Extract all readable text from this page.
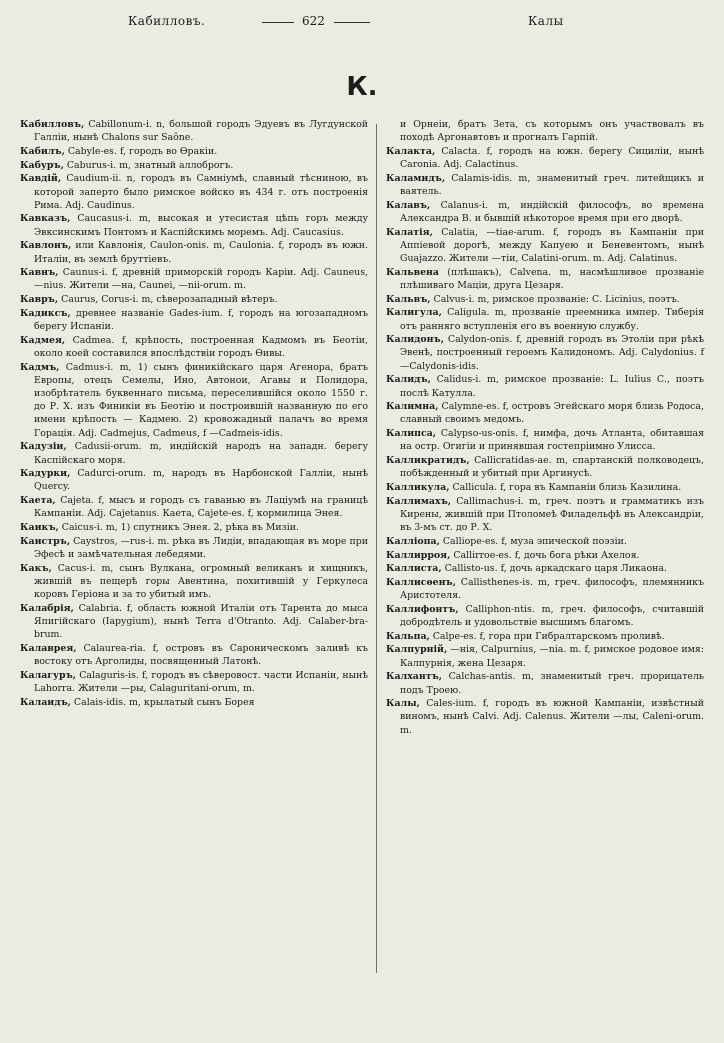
Кабилловъ.	622	Калы
К.

Кабилловъ, Cabillonum-i. n, большой городъ Эдуевъ въ Лугдунской Галліи, нынѣ Chalons sur Saône.

Кабилъ, Cabyle-es. f, городъ во Ѳракіи.

Кабуръ, Caburus-i. m, знатный аллоброгъ.

Кавдій, Caudium-ii. n, городъ въ Самніумѣ, славный тѣсниною, въ которой заперто было римское войско въ 434 г. отъ построенія Рима. Adj. Caudinus.

Кавказъ, Caucasus-i. m, высокая и утесистая цѣпь горъ между Эвксинскимъ Понтомъ и Каспійскимъ моремъ. Adj. Caucasius.

Кавлонъ, или Кавлонія, Caulon-onis. m, Caulonia. f, городъ въ южн. Италіи, въ землѣ бруттіевъ.

Кавнъ, Caunus-i. f, древній приморскій городъ Каріи. Adj. Cauneus, —nius. Жители —на, Caunei, —nii-orum. m.

Кавръ, Caurus, Corus-i. m, сѣверозападный вѣтеръ.

Кадиксъ, древнее названіе Gades-ium. f, городъ на югозападномъ берегу Испаніи.

Кадмея, Cadmea. f, крѣпость, построенная Кадмомъ въ Беотіи, около коей составился впослѣдствіи городъ Ѳивы.

Кадмъ, Cadmus-i. m, 1) сынъ финикійскаго царя Агенора, братъ Европы, отецъ Семелы, Ино, Автонои, Агавы и Полидора, изобрѣтатель буквеннаго письма, переселившійся около 1550 г. до Р. Х. изъ Финикіи въ Беотію и построившій названную по его имени крѣпость — Кадмею. 2) кровожадный палачъ во время Горація. Adj. Cadmejus, Cadmeus, f —Cadmeis-idis.

Кадузіи, Cadusii-orum. m, индійскій народъ на западн. берегу Каспійскаго моря.

Кадурки, Cadurci-orum. m, народъ въ Нарбонской Галліи, нынѣ Quercy.

Каета, Cajeta. f, мысъ и городъ съ гаванью въ Лаціумѣ на границѣ Кампаніи. Adj. Cajetanus. Каета, Cajete-es. f, кормилица Энея.

Каикъ, Caicus-i. m, 1) спутникъ Энея. 2, рѣка въ Мизіи.

Каистръ, Caystros, —rus-i. m. рѣка въ Лидіи, впадающая въ море при Эфесѣ и замѣчательная лебедями.

Какъ, Cacus-i. m, сынъ Вулкана, огромный великанъ и хищникъ, жившій въ пещерѣ горы Авентина, похитившій у Геркулеса коровъ Геріона и за то убитый имъ.

Калабрія, Calabria. f, область южной Италіи отъ Тарента до мыса Япигійскаго (Iapygium), нынѣ Terra d'Otranto. Adj. Calaber-bra-brum.

Калаврея, Calaurea-ria. f, островъ въ Сароническомъ заливѣ къ востоку отъ Арголиды, посвященный Латонѣ.

Калагуръ, Calaguris-is. f, городъ въ сѣверовост. части Испаніи, нынѣ Lahorra. Жители —ры, Calaguritani-orum, m.

Калаидъ, Calais-idis. m, крылатый сынъ Борея

и Орнеіи, братъ Зета, съ которымъ онъ участвовалъ въ походѣ Аргонавтовъ и прогналъ Гарпій.

Калакта, Calacta. f, городъ на южн. берегу Сициліи, нынѣ Caronia. Adj. Calactinus.

Каламидъ, Calamis-idis. m, знаменитый греч. литейщикъ и ваятель.

Калавъ, Calanus-i. m, индійскій философъ, во времена Александра В. и бывшій нѣкоторое время при его дворѣ.

Калатія, Calatia, —tiae-arum. f, городъ въ Кампаніи при Аппіевой дорогѣ, между Капуею и Беневентомъ, нынѣ Guajazzo. Жители —тіи, Calatini-orum. m. Adj. Calatinus.

Кальвена (плѣшакъ), Calvena. m, насмѣшливое прозваніе плѣшиваго Маціи, друга Цезаря.

Кальвъ, Calvus-i. m, римское прозваніе: С. Licinius, поэтъ.

Калигула, Caligula. m, прозваніе преемника импер. Тиберія отъ ранняго вступленія его въ военную службу.

Калидонъ, Calydon-onis. f, древній городъ въ Этоліи при рѣкѣ Эвенѣ, построенный героемъ Калидономъ. Adj. Calydonius. f —Calydonis-idis.

Калидъ, Calidus-i. m, римское прозваніе: L. Iulius С., поэтъ послѣ Катулла.

Калимна, Calymne-es. f, островъ Эгейскаго моря близь Родоса, славный своимъ медомъ.

Калипса, Calypso-us-onis. f, нимфа, дочь Атланта, обитавшая на остр. Огигіи и принявшая гостепріимно Улисса.

Калликратидъ, Callicratidas-ae. m, спартанскій полководецъ, побѣжденный и убитый при Аргинусѣ.

Калликула, Callicula. f, гора въ Кампаніи близь Казилина.

Каллимахъ, Callimachus-i. m, греч. поэтъ и грамматикъ изъ Кирены, жившій при Птоломеѣ Филадельфѣ въ Александріи, въ 3-мъ ст. до Р. Х.

Каллiопа, Calliope-es. f, муза эпической поэзіи.

Каллирроя, Callirroe-es. f, дочь бога рѣки Ахелоя.

Каллиста, Callisto-us. f, дочь аркадскаго царя Ликаона.

Каллисѳенъ, Callisthenes-is. m, греч. философъ, племянникъ Аристотеля.

Каллифонтъ, Calliphon-ntis. m, греч. философъ, считавшій добродѣтель и удовольствіе высшимъ благомъ.

Кальпа, Calpe-es. f, гора при Гибралтарскомъ проливѣ.

Калпурній, —нія, Calpurnius, —nia. m. f, римское родовое имя: Калпурнія, жена Цезаря.

Калхантъ, Calchas-antis. m, знаменитый греч. прорицатель подъ Троею.

Калы, Cales-ium. f, городъ въ южной Кампаніи, извѣстный виномъ, нынѣ Calvi. Adj. Calenus. Жители —лы, Caleni-orum. m.
